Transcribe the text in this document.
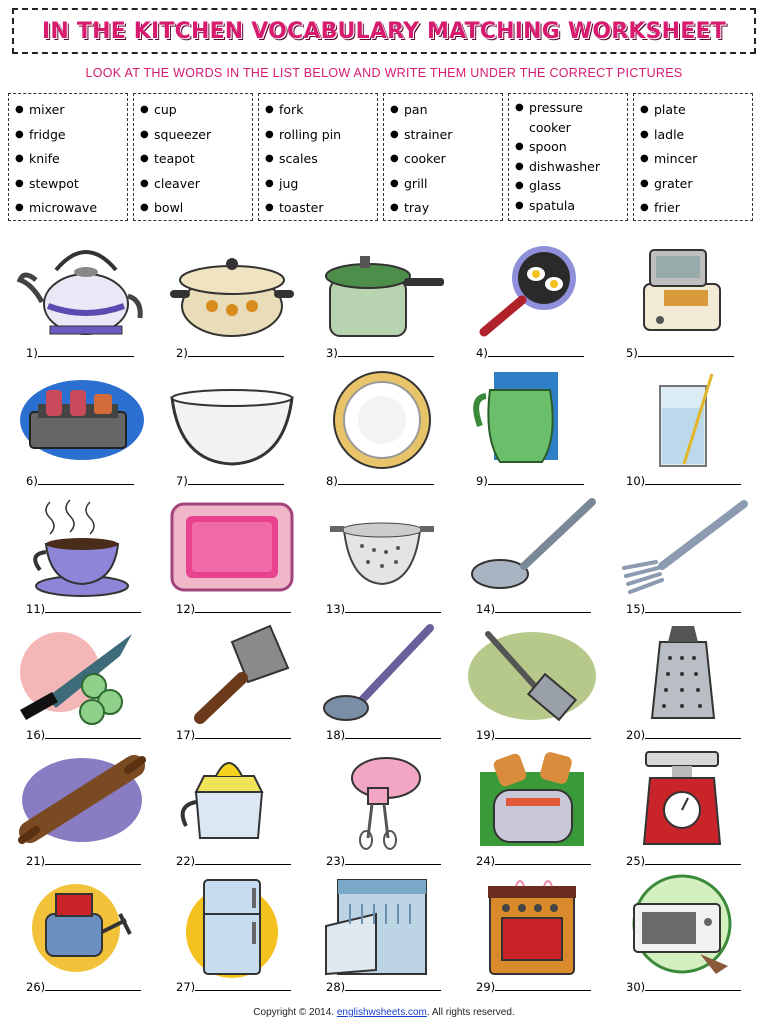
IN THE KITCHEN VOCABULARY MATCHING WORKSHEET
LOOK AT THE WORDS IN THE LIST BELOW AND WRITE THEM UNDER THE CORRECT PICTURES
● mixer
● fridge
● knife
● stewpot
● microwave
● cup
● squeezer
● teapot
● cleaver
● bowl
● fork
● rolling pin
● scales
● jug
● toaster
● pan
● strainer
● cooker
● grill
● tray
● pressure
cooker
● spoon
● dishwasher
● glass
● spatula
● plate
● ladle
● mincer
● grater
● frier
1)	2)	3)	4)	5)
6)	7)	8)	9)	10)
11)	12)	13)	14)	15)
16)	17)	18)	19)	20)
21)	22)	23)	24)	25)
26)	27)	28)	29)	30)
Copyright © 2014. englishwsheets.com. All rights reserved.
